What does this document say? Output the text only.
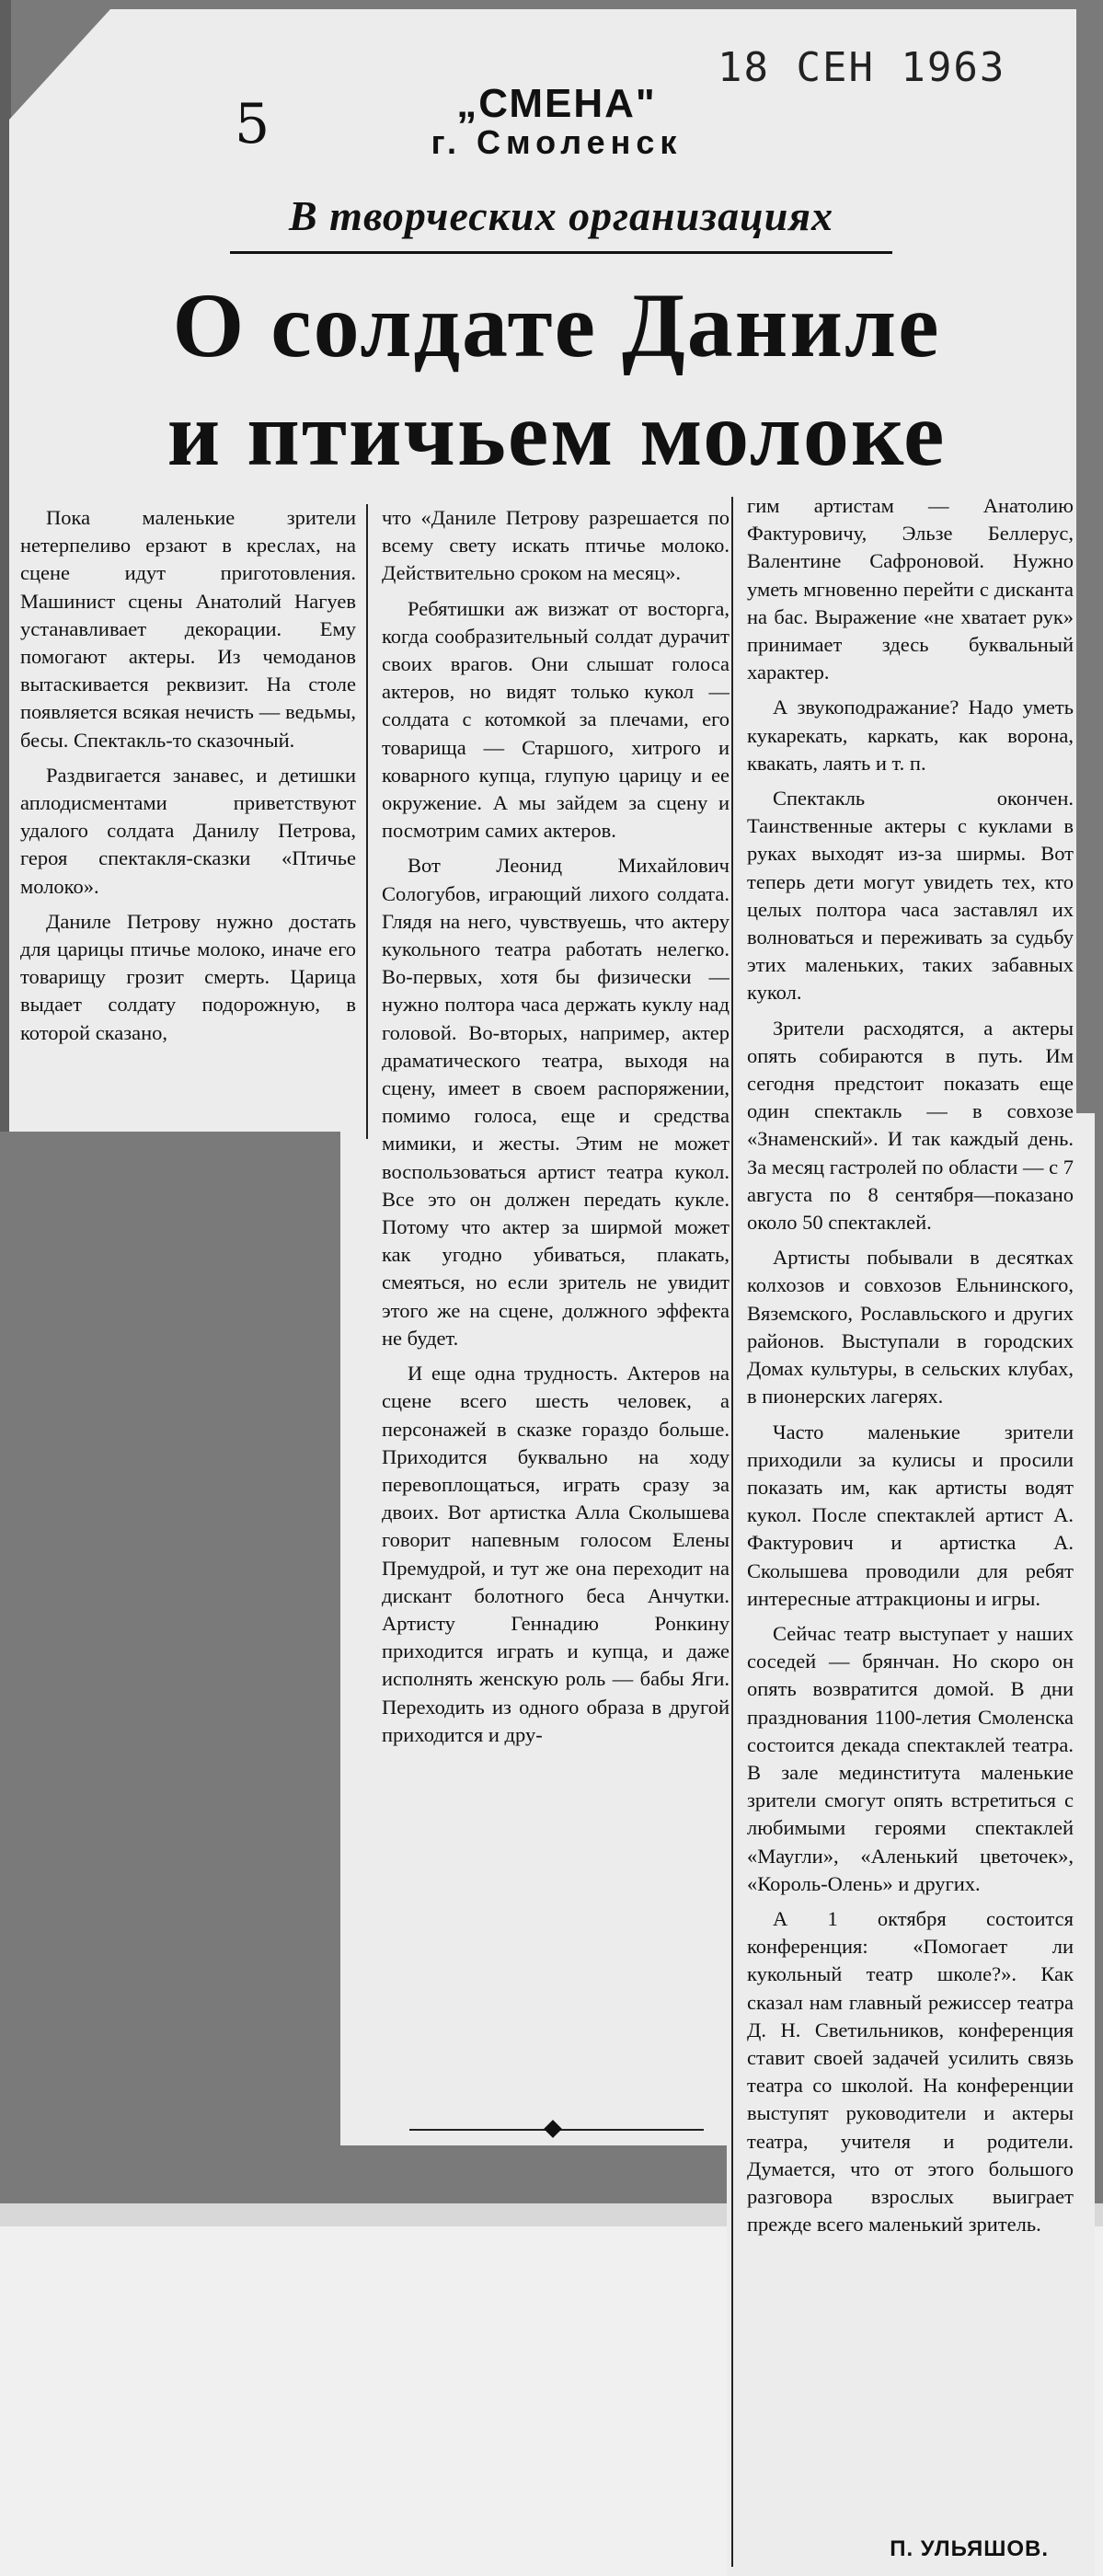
5	„СМЕНА"
г. Смоленск
18 СЕН 1963
В творческих организациях
О солдате Даниле
и птичьем молоке

Пока маленькие зрители нетерпеливо ерзают в креслах, на сцене идут приготовления. Машинист сцены Анатолий Нагуев устанавливает декорации. Ему помогают актеры. Из чемоданов вытаскивается реквизит. На столе появляется всякая нечисть — ведьмы, бесы. Спектакль-то сказочный.

Раздвигается занавес, и детишки аплодисментами приветствуют удалого солдата Данилу Петрова, героя спектакля-сказки «Птичье молоко».

Даниле Петрову нужно достать для царицы птичье молоко, иначе его товарищу грозит смерть. Царица выдает солдату подорожную, в которой сказано,

что «Даниле Петрову разрешается по всему свету искать птичье молоко. Действительно сроком на месяц».

Ребятишки аж визжат от восторга, когда сообразительный солдат дурачит своих врагов. Они слышат голоса актеров, но видят только кукол — солдата с котомкой за плечами, его товарища — Старшого, хитрого и коварного купца, глупую царицу и ее окружение. А мы зайдем за сцену и посмотрим самих актеров.

Вот Леонид Михайлович Сологубов, играющий лихого солдата. Глядя на него, чувствуешь, что актеру кукольного театра работать нелегко. Во-первых, хотя бы физически — нужно полтора часа держать куклу над головой. Во-вторых, например, актер драматического театра, выходя на сцену, имеет в своем распоряжении, помимо голоса, еще и средства мимики, и жесты. Этим не может воспользоваться артист театра кукол. Все это он должен передать кукле. Потому что актер за ширмой может как угодно убиваться, плакать, смеяться, но если зритель не увидит этого же на сцене, должного эффекта не будет.

И еще одна трудность. Актеров на сцене всего шесть человек, а персонажей в сказке гораздо больше. Приходится буквально на ходу перевоплощаться, играть сразу за двоих. Вот артистка Алла Сколышева говорит напевным голосом Елены Премудрой, и тут же она переходит на дискант болотного беса Анчутки. Артисту Геннадию Ронкину приходится играть и купца, и даже исполнять женскую роль — бабы Яги. Переходить из одного образа в другой приходится и дру-

гим артистам — Анатолию Фактуровичу, Эльзе Беллерус, Валентине Сафроновой. Нужно уметь мгновенно перейти с дисканта на бас. Выражение «не хватает рук» принимает здесь буквальный характер.

А звукоподражание? Надо уметь кукарекать, каркать, как ворона, квакать, лаять и т. п.

Спектакль окончен. Таинственные актеры с куклами в руках выходят из-за ширмы. Вот теперь дети могут увидеть тех, кто целых полтора часа заставлял их волноваться и переживать за судьбу этих маленьких, таких забавных кукол.

Зрители расходятся, а актеры опять собираются в путь. Им сегодня предстоит показать еще один спектакль — в совхозе «Знаменский». И так каждый день. За месяц гастролей по области — с 7 августа по 8 сентября—показано около 50 спектаклей.

Артисты побывали в десятках колхозов и совхозов Ельнинского, Вяземского, Рославльского и других районов. Выступали в городских Домах культуры, в сельских клубах, в пионерских лагерях.

Часто маленькие зрители приходили за кулисы и просили показать им, как артисты водят кукол. После спектаклей артист А. Фактурович и артистка А. Сколышева проводили для ребят интересные аттракционы и игры.

Сейчас театр выступает у наших соседей — брянчан. Но скоро он опять возвратится домой. В дни празднования 1100-летия Смоленска состоится декада спектаклей театра. В зале мединститута маленькие зрители смогут опять встретиться с любимыми героями спектаклей «Маугли», «Аленький цветочек», «Король-Олень» и других.

А 1 октября состоится конференция: «Помогает ли кукольный театр школе?». Как сказал нам главный режиссер театра Д. Н. Светильников, конференция ставит своей задачей усилить связь театра со школой. На конференции выступят руководители и актеры театра, учителя и родители. Думается, что от этого большого разговора взрослых выиграет прежде всего маленький зритель.

П. УЛЬЯШОВ.
